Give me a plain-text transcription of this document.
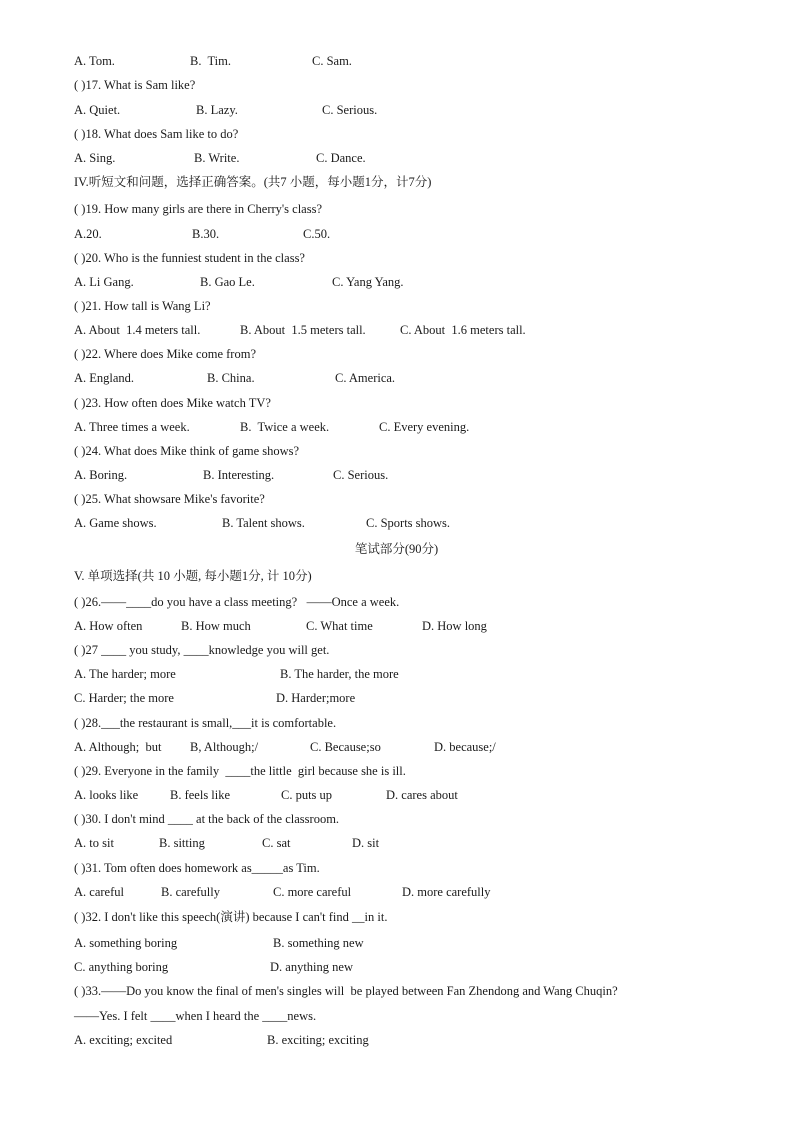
A. Tom.

	B.  Tim.

	C. Sam.

( )17. What is Sam like?

A. Quiet.

	B. Lazy.

	C. Serious.

( )18. What does Sam like to do?

A. Sing.

	B. Write.

	C. Dance.

IV.听短文和问题，选择正确答案。(共7 小题，每小题1分，计7分)
( )19. How many girls are there in Cherry's class?

A.20.

	B.30.

	C.50.

( )20. Who is the funniest student in the class?

A. Li Gang.

	B. Gao Le.

	C. Yang Yang.

( )21. How tall is Wang Li?

A. About  1.4 meters tall.

	B. About  1.5 meters tall.

	C. About  1.6 meters tall.

( )22. Where does Mike come from?

A. England.

	B. China.

	C. America.

( )23. How often does Mike watch TV?

A. Three times a week.

	B.  Twice a week.

	C. Every evening.

( )24. What does Mike think of game shows?

A. Boring.

	B. Interesting.

	C. Serious.

( )25. What showsare Mike's favorite?

A. Game shows.

	B. Talent shows.

	C. Sports shows.

笔试部分(90分)
V. 单项选择(共 10 小题, 每小题1分, 计 10分)
( )26.——____do you have a class meeting?   ——Once a week.

A. How often

	B. How much

	C. What time

	D. How long

( )27 ____ you study, ____knowledge you will get.

A. The harder; more

	B. The harder, the more

C. Harder; the more

	D. Harder;more

( )28.___the restaurant is small,___it is comfortable.

A. Although;  but

B, Although;/

	C. Because;so

	D. because;/

( )29. Everyone in the family  ____the little  girl because she is ill.

A. looks like

	B. feels like

	C. puts up

	D. cares about

( )30. I don't mind ____ at the back of the classroom.

A. to sit

	B. sitting

	C. sat

	D. sit

( )31. Tom often does homework as_____as Tim.

A. careful

	B. carefully

	C. more careful

	D. more carefully

( )32. I don't like this speech(演讲) because I can't find __in it.

A. something boring

	B. something new

C. anything boring

	D. anything new

( )33.——Do you know the final of men's singles will  be played between Fan Zhendong and Wang Chuqin?
——Yes. I felt ____when I heard the ____news.

A. exciting; excited

	B. exciting; exciting
